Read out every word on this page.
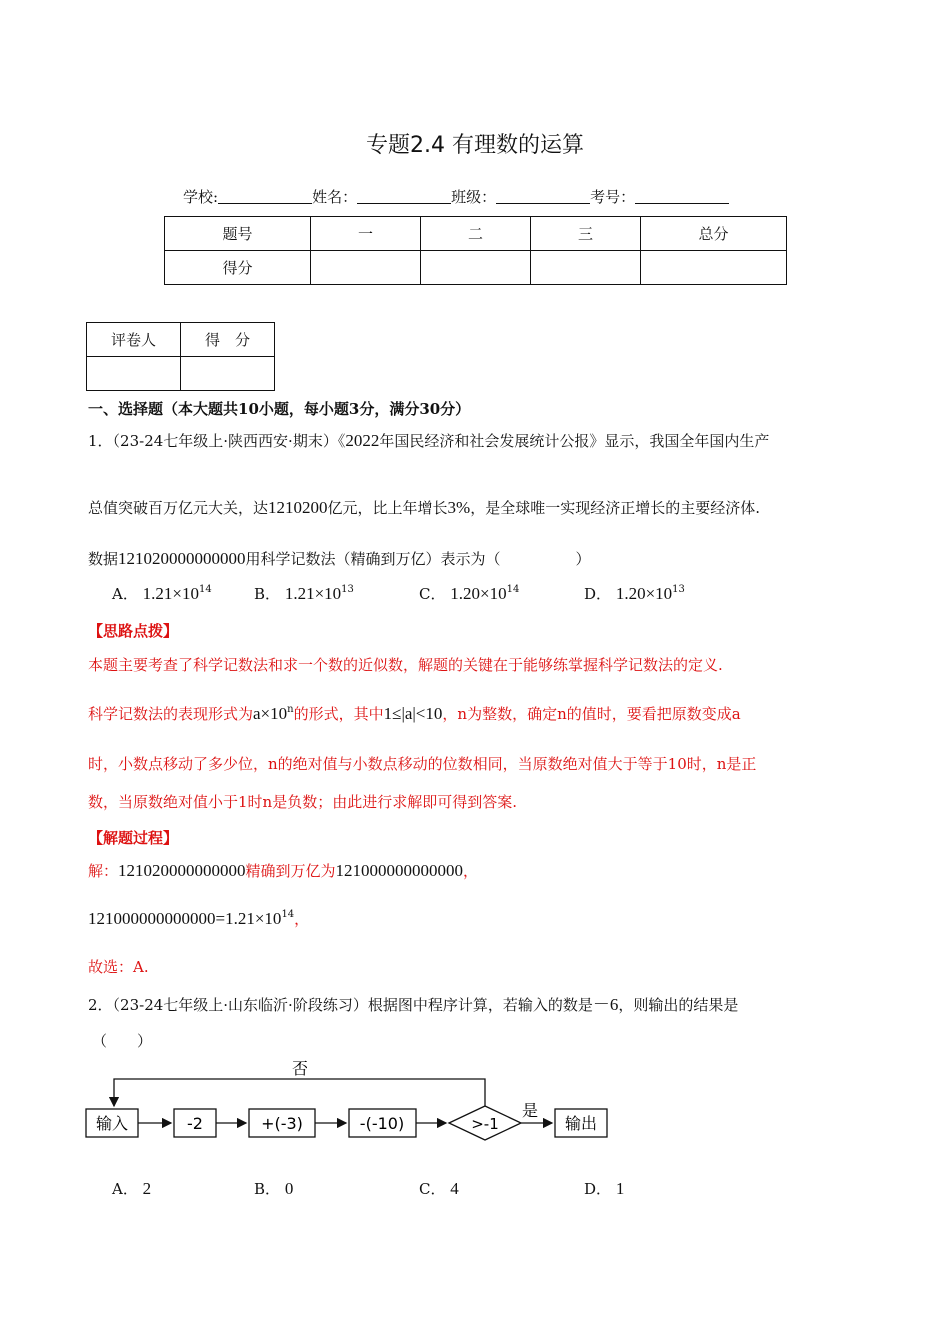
专题2.4 有理数的运算
学校:	姓名：	班级：	考号：
题号	一	二	三	总分
得分				
评卷人	得　分

一、选择题（本大题共10小题，每小题3分，满分30分）
1．（23-24七年级上·陕西西安·期末）《2022年国民经济和社会发展统计公报》显示，我国全年国内生产
总值突破百万亿元大关，达1210200亿元，比上年增长3%，是全球唯一实现经济正增长的主要经济体.
数据121020000000000用科学记数法（精确到万亿）表示为（　　　　　）
A． $1.21\times 10^{14}$	B． $1.21\times 10^{13}$	C． $1.20\times 10^{14}$	D． $1.20\times 10^{13}$
【思路点拨】
本题主要考查了科学记数法和求一个数的近似数，解题的关键在于能够练掌握科学记数法的定义.
科学记数法的表现形式为$a\times 10^n$的形式，其中1≤|a|<10，n为整数，确定n的值时，要看把原数变成a
时，小数点移动了多少位，n的绝对值与小数点移动的位数相同，当原数绝对值大于等于10时，n是正
数，当原数绝对值小于1时n是负数；由此进行求解即可得到答案.
【解题过程】
解：121020000000000精确到万亿为121000000000000，
$121000000000000=1.21\times 10^{14}$，
故选：A.
2．（23-24七年级上·山东临沂·阶段练习）根据图中程序计算，若输入的数是－6，则输出的结果是
（　　）
否
输入	-2	+(-3)	-(-10)	>-1
是
输出
A． 2	B． 0	C． 4	D． 1
